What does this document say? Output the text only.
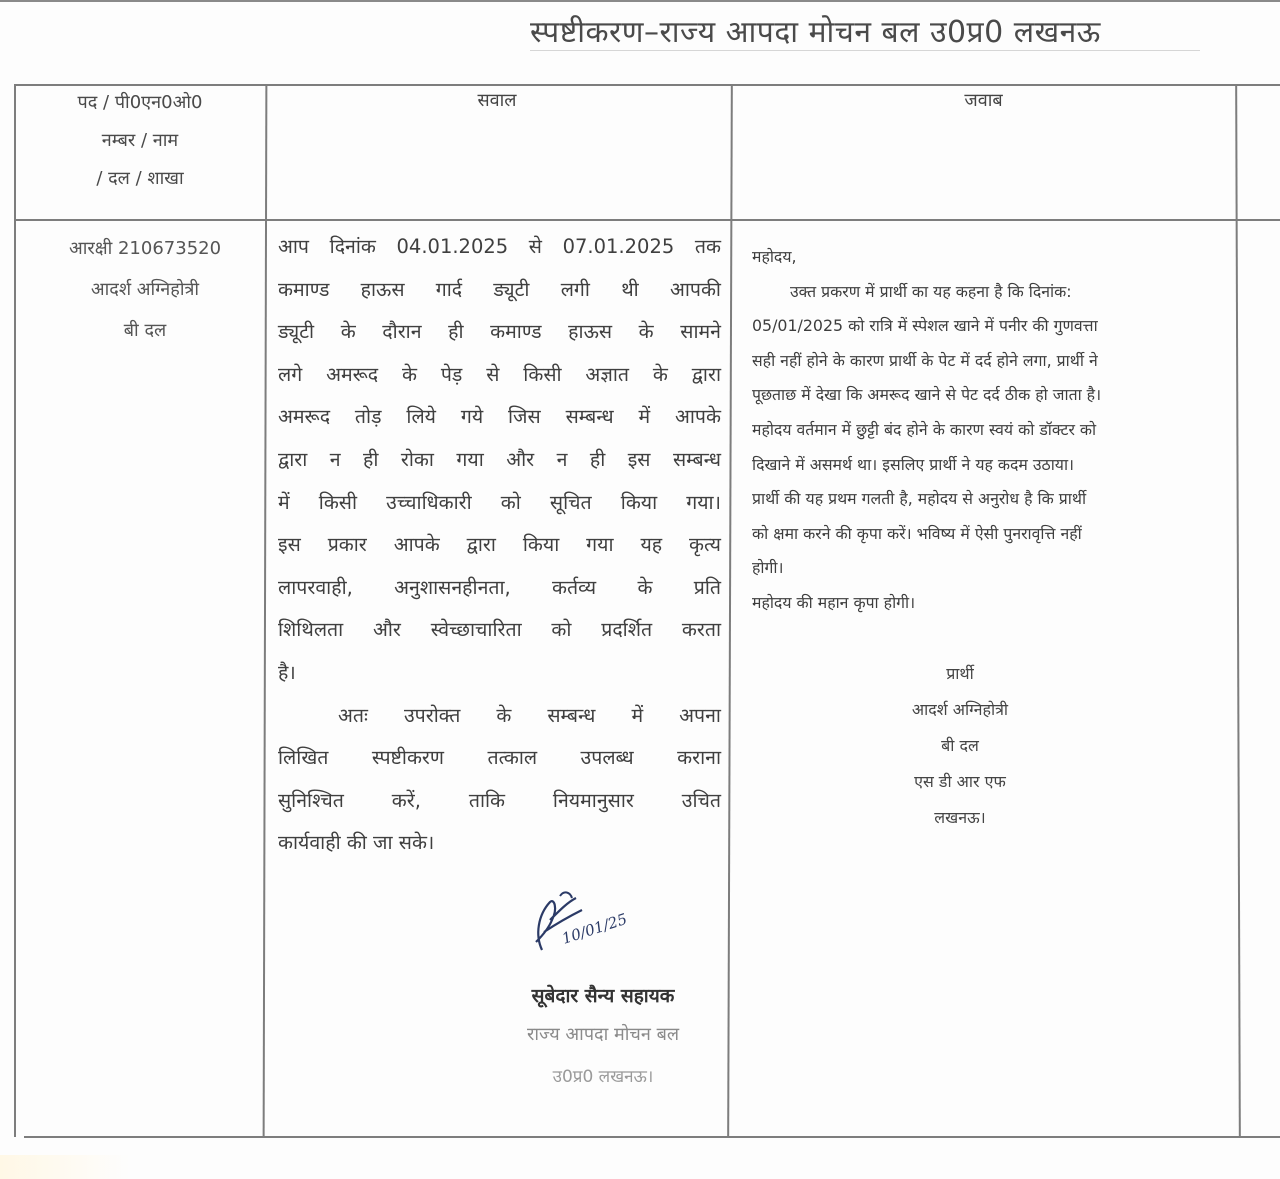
स्पष्टीकरण–राज्य आपदा मोचन बल उ0प्र0 लखनऊ
पद / पी0एन0ओ0
नम्बर / नाम
/ दल / शाखा
सवाल	जवाब
आरक्षी 210673520
आदर्श अग्निहोत्री
बी दल
आप दिनांक 04.01.2025 से 07.01.2025 तक
कमाण्ड हाऊस गार्द ड्यूटी लगी थी आपकी
ड्यूटी के दौरान ही कमाण्ड हाऊस के सामने
लगे अमरूद के पेड़ से किसी अज्ञात के द्वारा
अमरूद तोड़ लिये गये जिस सम्बन्ध में आपके
द्वारा न ही रोका गया और न ही इस सम्बन्ध
में किसी उच्चाधिकारी को सूचित किया गया।
इस प्रकार आपके द्वारा किया गया यह कृत्य
लापरवाही, अनुशासनहीनता, कर्तव्य के प्रति
शिथिलता और स्वेच्छाचारिता को प्रदर्शित करता
है।
अतः उपरोक्त के सम्बन्ध में अपना
लिखित स्पष्टीकरण तत्काल उपलब्ध कराना
सुनिश्चित करें, ताकि नियमानुसार उचित
कार्यवाही की जा सके।
10/01/25
सूबेदार सैन्य सहायक
राज्य आपदा मोचन बल
उ0प्र0 लखनऊ।
महोदय,
उक्त प्रकरण में प्रार्थी का यह कहना है कि दिनांक:
05/01/2025 को रात्रि में स्पेशल खाने में पनीर की गुणवत्ता
सही नहीं होने के कारण प्रार्थी के पेट में दर्द होने लगा, प्रार्थी ने
पूछताछ में देखा कि अमरूद खाने से पेट दर्द ठीक हो जाता है।
महोदय वर्तमान में छुट्टी बंद होने के कारण स्वयं को डॉक्टर को
दिखाने में असमर्थ था। इसलिए प्रार्थी ने यह कदम उठाया।
प्रार्थी की यह प्रथम गलती है, महोदय से अनुरोध है कि प्रार्थी
को क्षमा करने की कृपा करें। भविष्य में ऐसी पुनरावृत्ति नहीं
होगी।
महोदय की महान कृपा होगी।
प्रार्थी
आदर्श अग्निहोत्री
बी दल
एस डी आर एफ
लखनऊ।
